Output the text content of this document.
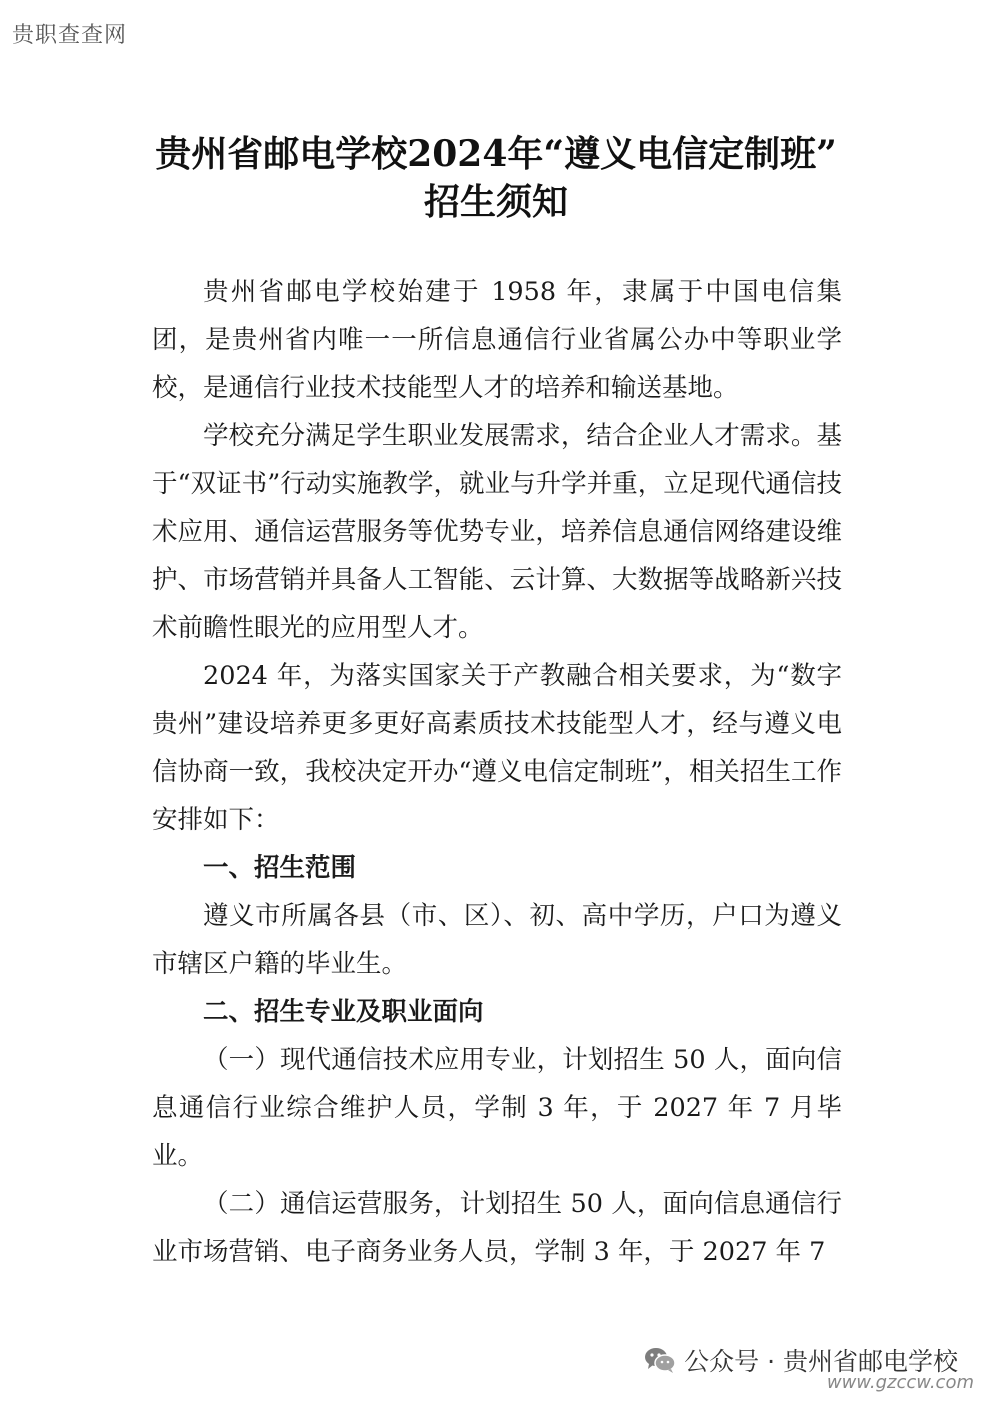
贵职查查网
贵州省邮电学校2024年“遵义电信定制班”
招生须知

贵州省邮电学校始建于 1958 年，隶属于中国电信集团，是贵州省内唯一一所信息通信行业省属公办中等职业学校，是通信行业技术技能型人才的培养和输送基地。

学校充分满足学生职业发展需求，结合企业人才需求。基于“双证书”行动实施教学，就业与升学并重，立足现代通信技术应用、通信运营服务等优势专业，培养信息通信网络建设维护、市场营销并具备人工智能、云计算、大数据等战略新兴技术前瞻性眼光的应用型人才。

2024 年，为落实国家关于产教融合相关要求，为“数字贵州”建设培养更多更好高素质技术技能型人才，经与遵义电信协商一致，我校决定开办“遵义电信定制班”，相关招生工作安排如下：

一、招生范围

遵义市所属各县（市、区）、初、高中学历，户口为遵义市辖区户籍的毕业生。

二、招生专业及职业面向

（一）现代通信技术应用专业，计划招生 50 人，面向信息通信行业综合维护人员，学制 3 年，于 2027 年 7 月毕业。

（二）通信运营服务，计划招生 50 人，面向信息通信行业市场营销、电子商务业务人员，学制 3 年，于 2027 年 7

公众号 · 贵州省邮电学校
www.gzccw.com
